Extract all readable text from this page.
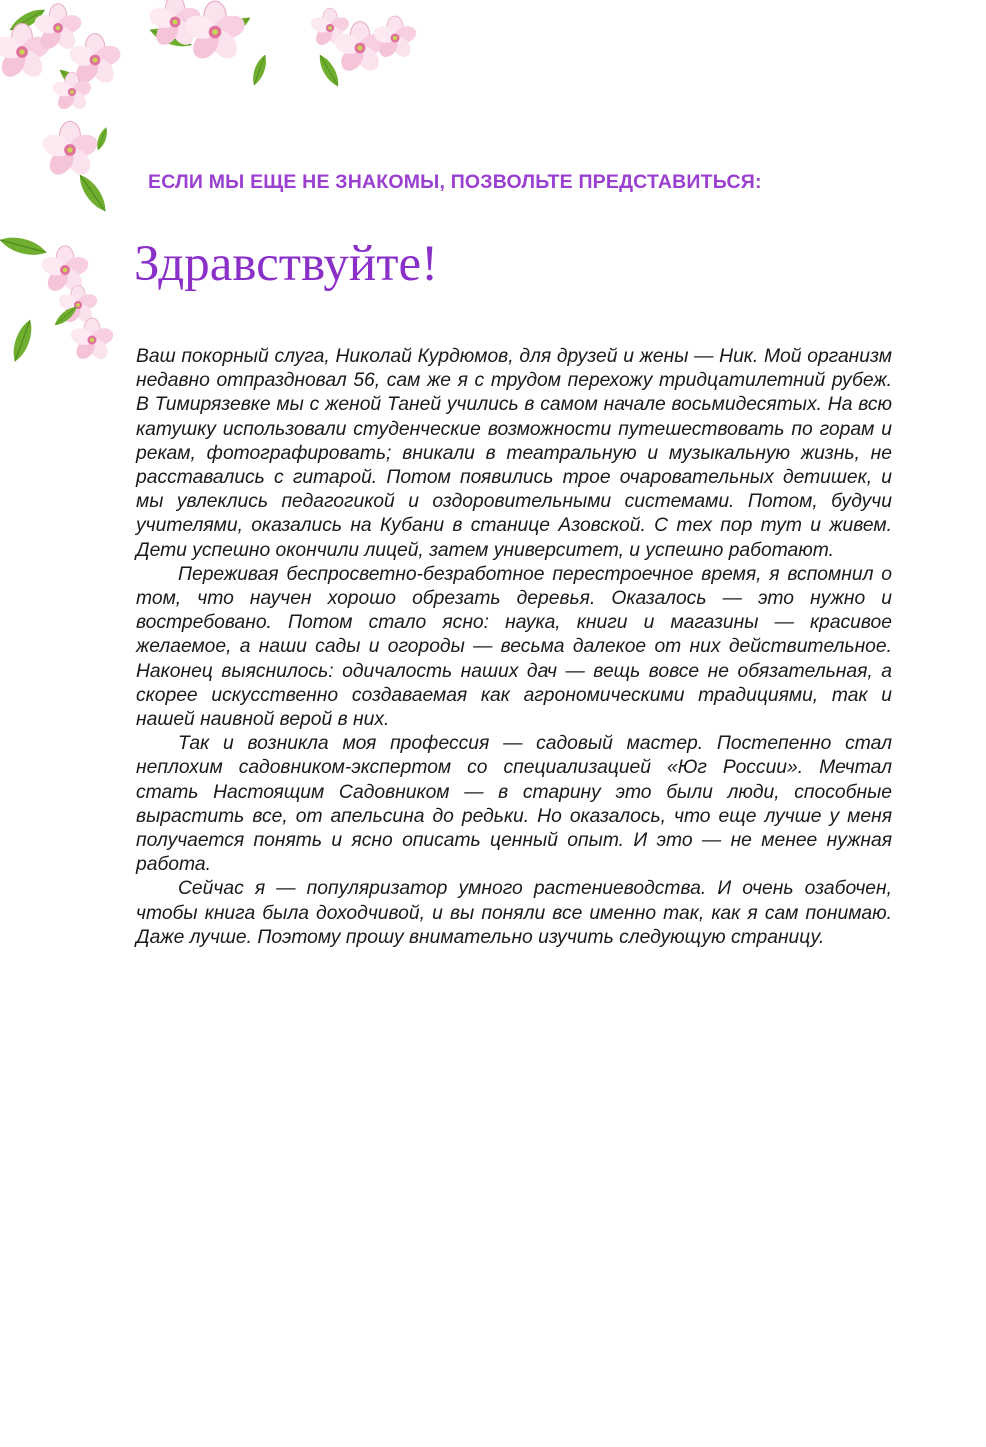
ЕСЛИ МЫ ЕЩЕ НЕ ЗНАКОМЫ, ПОЗВОЛЬТЕ ПРЕДСТАВИТЬСЯ:

Здравствуйте!

Ваш покорный слуга, Николай Курдюмов, для друзей и жены — Ник. Мой организм недавно отпраздновал 56, сам же я с трудом перехожу тридцатилетний рубеж. В Тимирязевке мы с женой Таней учились в самом начале восьмидесятых. На всю катушку использовали студенческие возможности путешествовать по горам и рекам, фотографировать; вникали в театральную и музыкальную жизнь, не расставались с гитарой. Потом появились трое очаровательных детишек, и мы увлеклись педагогикой и оздоровительными системами. Потом, будучи учителями, оказались на Кубани в станице Азовской. С тех пор тут и живем. Дети успешно окончили лицей, затем университет, и успешно работают.

Переживая беспросветно-безработное перестроечное время, я вспомнил о том, что научен хорошо обрезать деревья. Оказалось — это нужно и востребовано. Потом стало ясно: наука, книги и магазины — красивое желаемое, а наши сады и огороды — весьма далекое от них действительное. Наконец выяснилось: одичалость наших дач — вещь вовсе не обязательная, а скорее искусственно создаваемая как агрономическими традициями, так и нашей наивной верой в них.

Так и возникла моя профессия — садовый мастер. Постепенно стал неплохим садовником-экспертом со специализацией «Юг России». Мечтал стать Настоящим Садовником — в старину это были люди, способные вырастить все, от апельсина до редьки. Но оказалось, что еще лучше у меня получается понять и ясно описать ценный опыт. И это — не менее нужная работа.

Сейчас я — популяризатор умного растениеводства. И очень озабочен, чтобы книга была доходчивой, и вы поняли все именно так, как я сам понимаю. Даже лучше. Поэтому прошу внимательно изучить следующую страницу.
